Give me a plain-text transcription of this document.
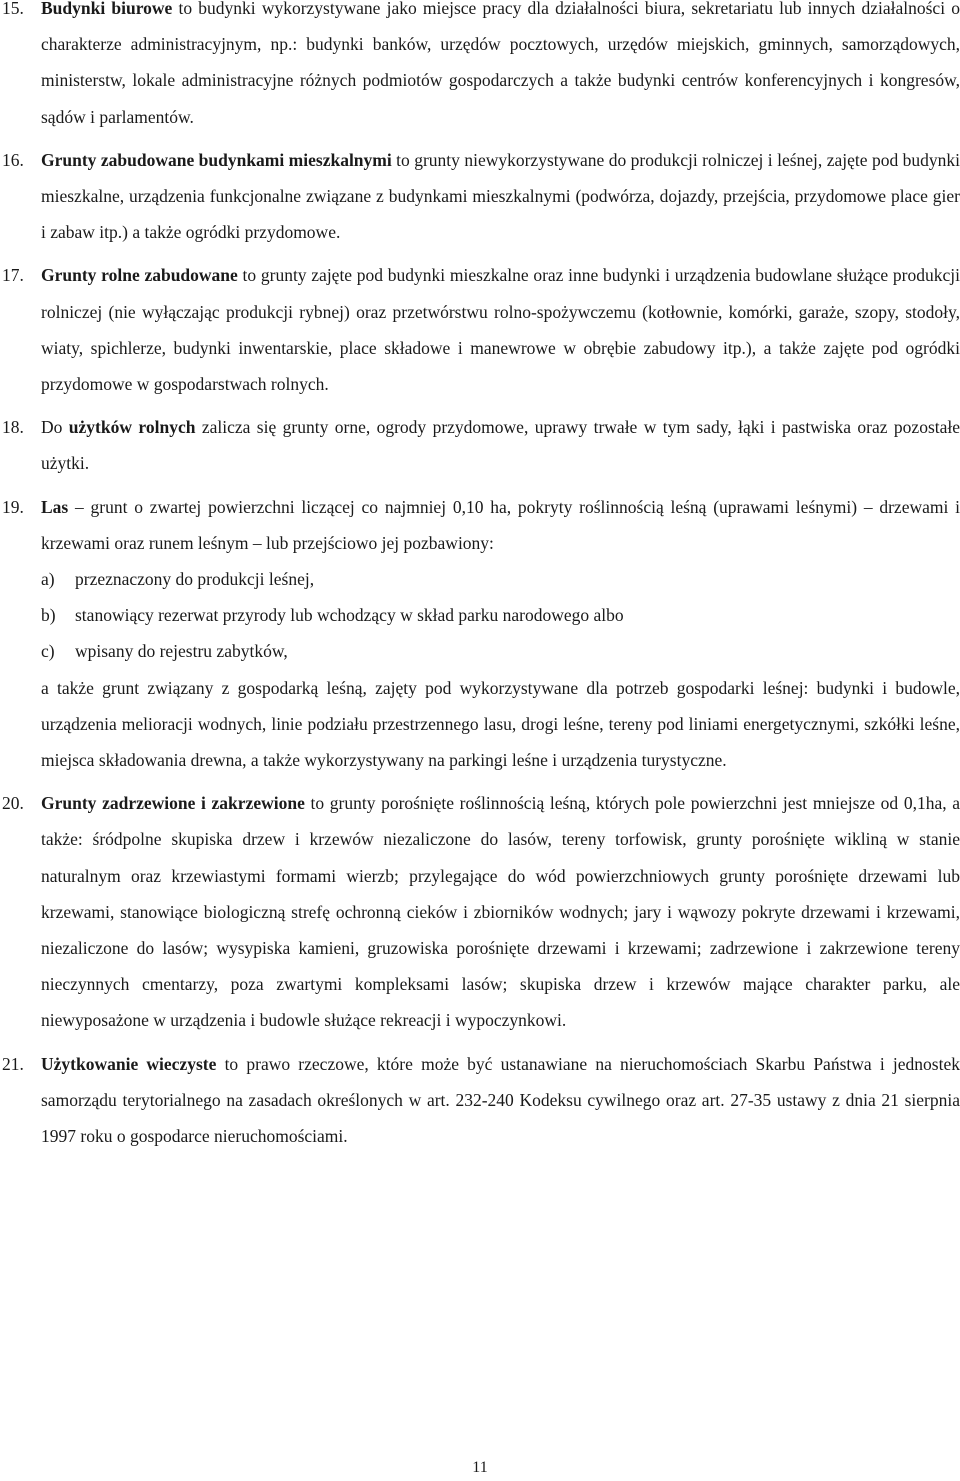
15. Budynki biurowe to budynki wykorzystywane jako miejsce pracy dla działalności biura, sekretariatu lub innych działalności o charakterze administracyjnym, np.: budynki banków, urzędów pocztowych, urzędów miejskich, gminnych, samorządowych, ministerstw, lokale administracyjne różnych podmiotów gospodarczych a także budynki centrów konferencyjnych i kongresów, sądów i parlamentów.
16. Grunty zabudowane budynkami mieszkalnymi to grunty niewykorzystywane do produkcji rolniczej i leśnej, zajęte pod budynki mieszkalne, urządzenia funkcjonalne związane z budynkami mieszkalnymi (podwórza, dojazdy, przejścia, przydomowe place gier i zabaw itp.) a także ogródki przydomowe.
17. Grunty rolne zabudowane to grunty zajęte pod budynki mieszkalne oraz inne budynki i urządzenia budowlane służące produkcji rolniczej (nie wyłączając produkcji rybnej) oraz przetwórstwu rolno-spożywczemu (kotłownie, komórki, garaże, szopy, stodoły, wiaty, spichlerze, budynki inwentarskie, place składowe i manewrowe w obrębie zabudowy itp.), a także zajęte pod ogródki przydomowe w gospodarstwach rolnych.
18. Do użytków rolnych zalicza się grunty orne, ogrody przydomowe, uprawy trwałe w tym sady, łąki i pastwiska oraz pozostałe użytki.
19. Las – grunt o zwartej powierzchni liczącej co najmniej 0,10 ha, pokryty roślinnością leśną (uprawami leśnymi) – drzewami i krzewami oraz runem leśnym – lub przejściowo jej pozbawiony:
a) przeznaczony do produkcji leśnej,
b) stanowiący rezerwat przyrody lub wchodzący w skład parku narodowego albo
c) wpisany do rejestru zabytków,
a także grunt związany z gospodarką leśną, zajęty pod wykorzystywane dla potrzeb gospodarki leśnej: budynki i budowle, urządzenia melioracji wodnych, linie podziału przestrzennego lasu, drogi leśne, tereny pod liniami energetycznymi, szkółki leśne, miejsca składowania drewna, a także wykorzystywany na parkingi leśne i urządzenia turystyczne.
20. Grunty zadrzewione i zakrzewione to grunty porośnięte roślinnością leśną, których pole powierzchni jest mniejsze od 0,1ha, a także: śródpolne skupiska drzew i krzewów niezaliczone do lasów, tereny torfowisk, grunty porośnięte wikliną w stanie naturalnym oraz krzewiastymi formami wierzb; przylegające do wód powierzchniowych grunty porośnięte drzewami lub krzewami, stanowiące biologiczną strefę ochronną cieków i zbiorników wodnych; jary i wąwozy pokryte drzewami i krzewami, niezaliczone do lasów; wysypiska kamieni, gruzowiska porośnięte drzewami i krzewami; zadrzewione i zakrzewione tereny nieczynnych cmentarzy, poza zwartymi kompleksami lasów; skupiska drzew i krzewów mające charakter parku, ale niewyposażone w urządzenia i budowle służące rekreacji i wypoczynkowi.
21. Użytkowanie wieczyste to prawo rzeczowe, które może być ustanawiane na nieruchomościach Skarbu Państwa i jednostek samorządu terytorialnego na zasadach określonych w art. 232-240 Kodeksu cywilnego oraz art. 27-35 ustawy z dnia 21 sierpnia 1997 roku o gospodarce nieruchomościami.
11
